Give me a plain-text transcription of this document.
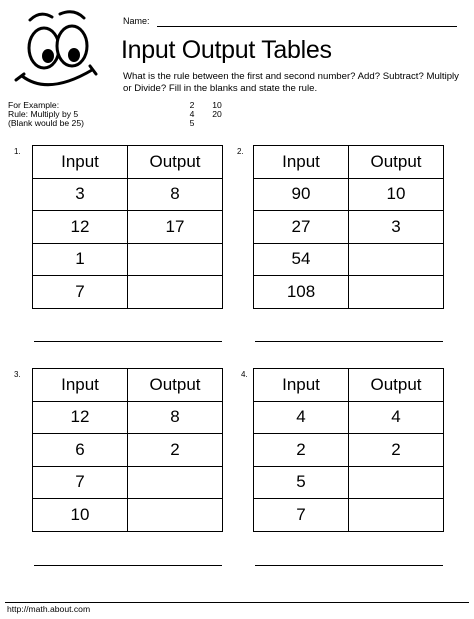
Name:
Input Output Tables
What is the rule between the first and second number? Add? Subtract? Multiply or Divide? Fill in the blanks and state the rule.
For Example:	2	10
Rule: Multiply by 5	4	20
(Blank would be 25)	5
1.
Input	Output
3	8
12	17
1	
7	
2.
Input	Output
90	10
27	3
54	
108	
3.
Input	Output
12	8
6	2
7	
10	
4.
Input	Output
4	4
2	2
5	
7	
http://math.about.com
